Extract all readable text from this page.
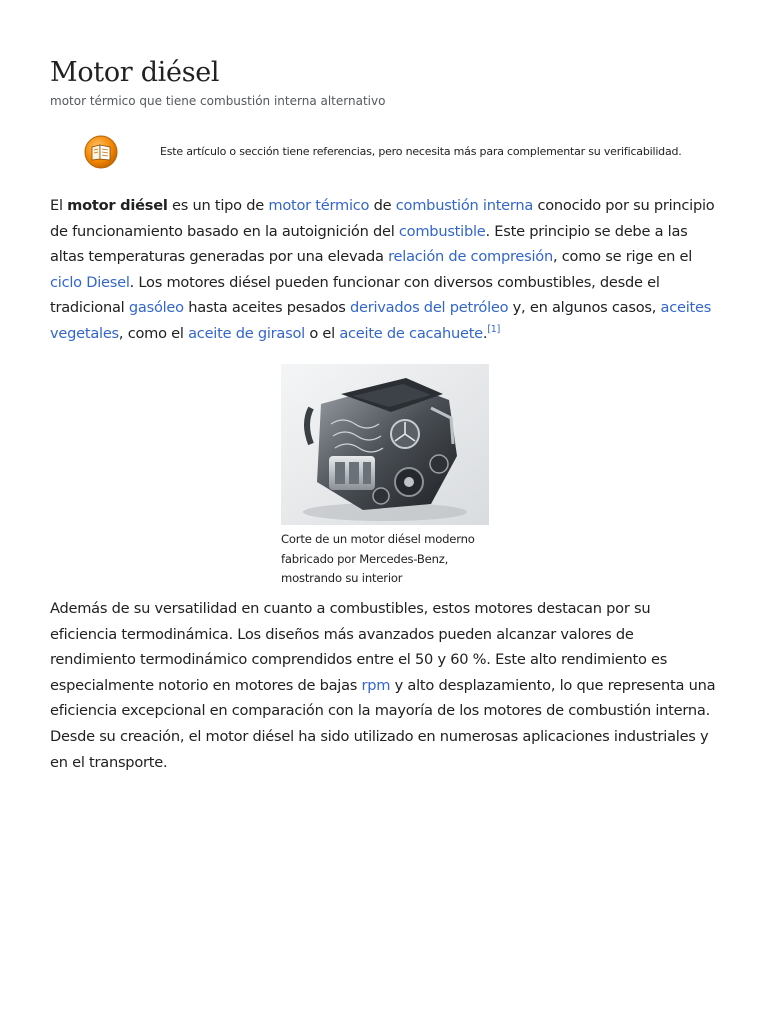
Motor diésel
motor térmico que tiene combustión interna alternativo
Este artículo o sección tiene referencias, pero necesita más para complementar su verificabilidad.

El motor diésel es un tipo de motor térmico de combustión interna conocido por su principio de funcionamiento basado en la autoignición del combustible. Este principio se debe a las altas temperaturas generadas por una elevada relación de compresión, como se rige en el ciclo Diesel. Los motores diésel pueden funcionar con diversos combustibles, desde el tradicional gasóleo hasta aceites pesados derivados del petróleo y, en algunos casos, aceites vegetales, como el aceite de girasol o el aceite de cacahuete.[1]

Corte de un motor diésel moderno fabricado por Mercedes-Benz, mostrando su interior

Además de su versatilidad en cuanto a combustibles, estos motores destacan por su eficiencia termodinámica. Los diseños más avanzados pueden alcanzar valores de rendimiento termodinámico comprendidos entre el 50 y 60 %. Este alto rendimiento es especialmente notorio en motores de bajas rpm y alto desplazamiento, lo que representa una eficiencia excepcional en comparación con la mayoría de los motores de combustión interna. Desde su creación, el motor diésel ha sido utilizado en numerosas aplicaciones industriales y en el transporte.
